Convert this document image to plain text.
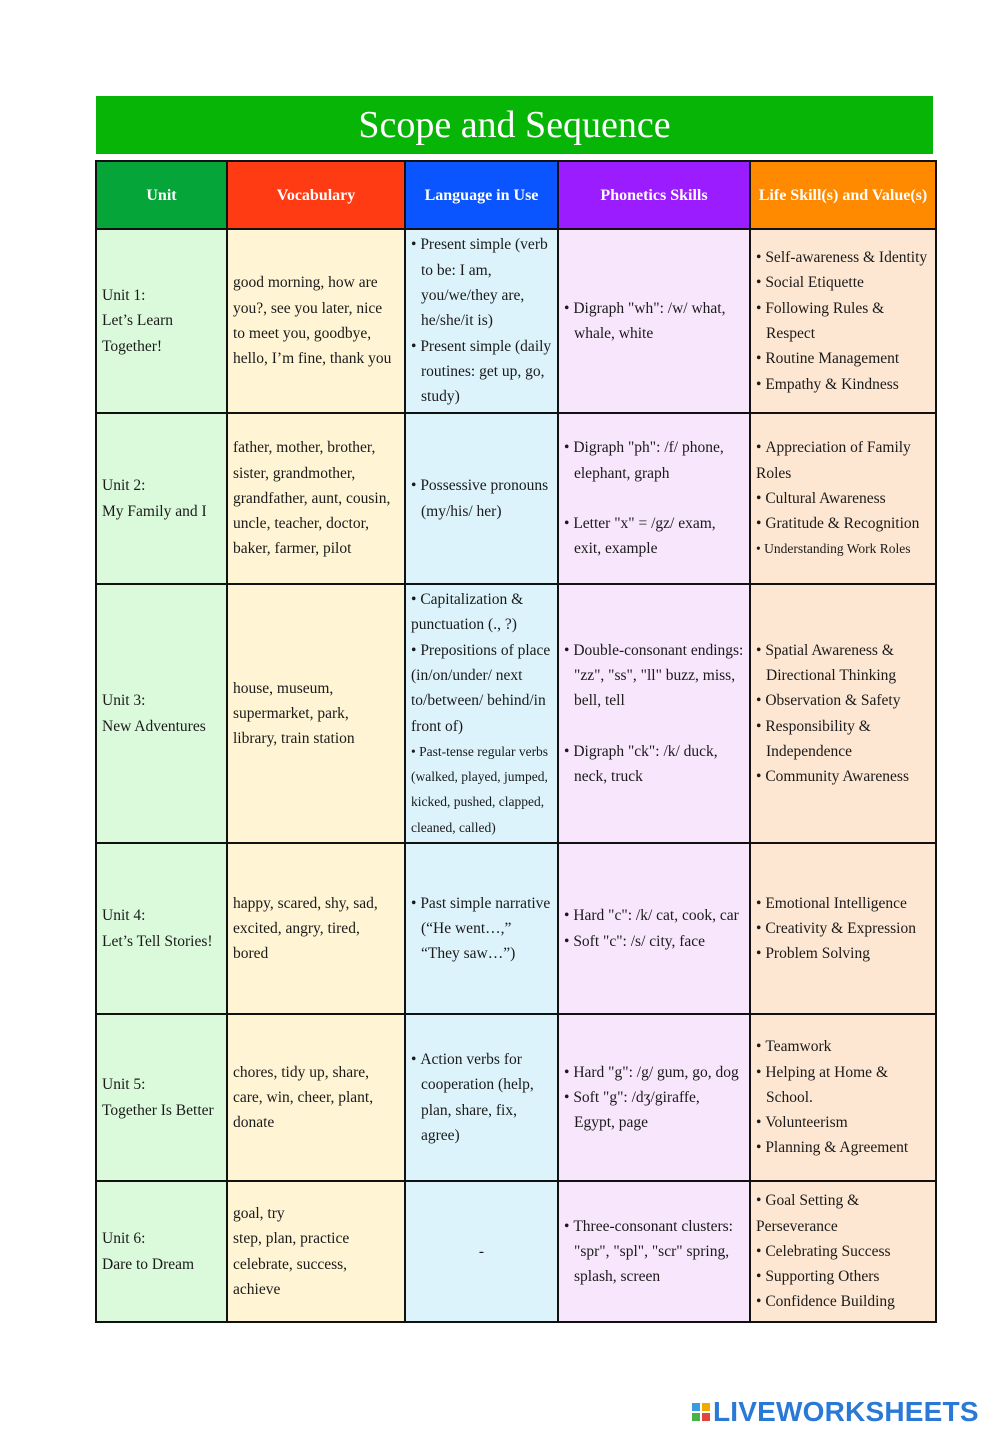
Scope and Sequence
Unit	Vocabulary	Language in Use	Phonetics Skills	Life Skill(s) and Value(s)

Unit 1:
Let’s Learn
Together!	good morning, how are
you?, see you later, nice
to meet you, goodbye,
hello, I’m fine, thank you	• Present simple (verb to be: I am, you/we/they are, he/she/it is)
• Present simple (daily routines: get up, go, study)	• Digraph "wh": /w/ what, whale, white	• Self-awareness & Identity
• Social Etiquette
• Following Rules & Respect
• Routine Management
• Empathy & Kindness

Unit 2:
My Family and I	father, mother, brother,
sister, grandmother,
grandfather, aunt, cousin,
uncle, teacher, doctor,
baker, farmer, pilot	• Possessive pronouns (my/his/ her)	• Digraph "ph": /f/ phone, elephant, graph
• Letter "x" = /gz/ exam, exit, example	• Appreciation of Family Roles
• Cultural Awareness
• Gratitude & Recognition
• Understanding Work Roles

Unit 3:
New Adventures	house, museum,
supermarket, park,
library, train station	• Capitalization & punctuation (., ?)
• Prepositions of place (in/on/under/ next to/between/ behind/in front of)
• Past-tense regular verbs (walked, played, jumped, kicked, pushed, clapped, cleaned, called)	• Double-consonant endings: "zz", "ss", "ll" buzz, miss, bell, tell
• Digraph "ck": /k/ duck, neck, truck	• Spatial Awareness & Directional Thinking
• Observation & Safety
• Responsibility & Independence
• Community Awareness

Unit 4:
Let’s Tell Stories!	happy, scared, shy, sad,
excited, angry, tired,
bored	• Past simple narrative (“He went…,” “They saw…”)	• Hard "c": /k/ cat, cook, car
• Soft "c": /s/ city, face	• Emotional Intelligence
• Creativity & Expression
• Problem Solving

Unit 5:
Together Is Better	chores, tidy up, share,
care, win, cheer, plant,
donate	• Action verbs for cooperation (help, plan, share, fix, agree)	• Hard "g": /g/ gum, go, dog
• Soft "g": /dʒ/giraffe, Egypt, page	• Teamwork
• Helping at Home & School.
• Volunteerism
• Planning & Agreement

Unit 6:
Dare to Dream	goal, try
step, plan, practice
celebrate, success,
achieve	-	• Three-consonant clusters: "spr", "spl", "scr" spring, splash, screen	• Goal Setting & Perseverance
• Celebrating Success
• Supporting Others
• Confidence Building
LIVEWORKSHEETS
